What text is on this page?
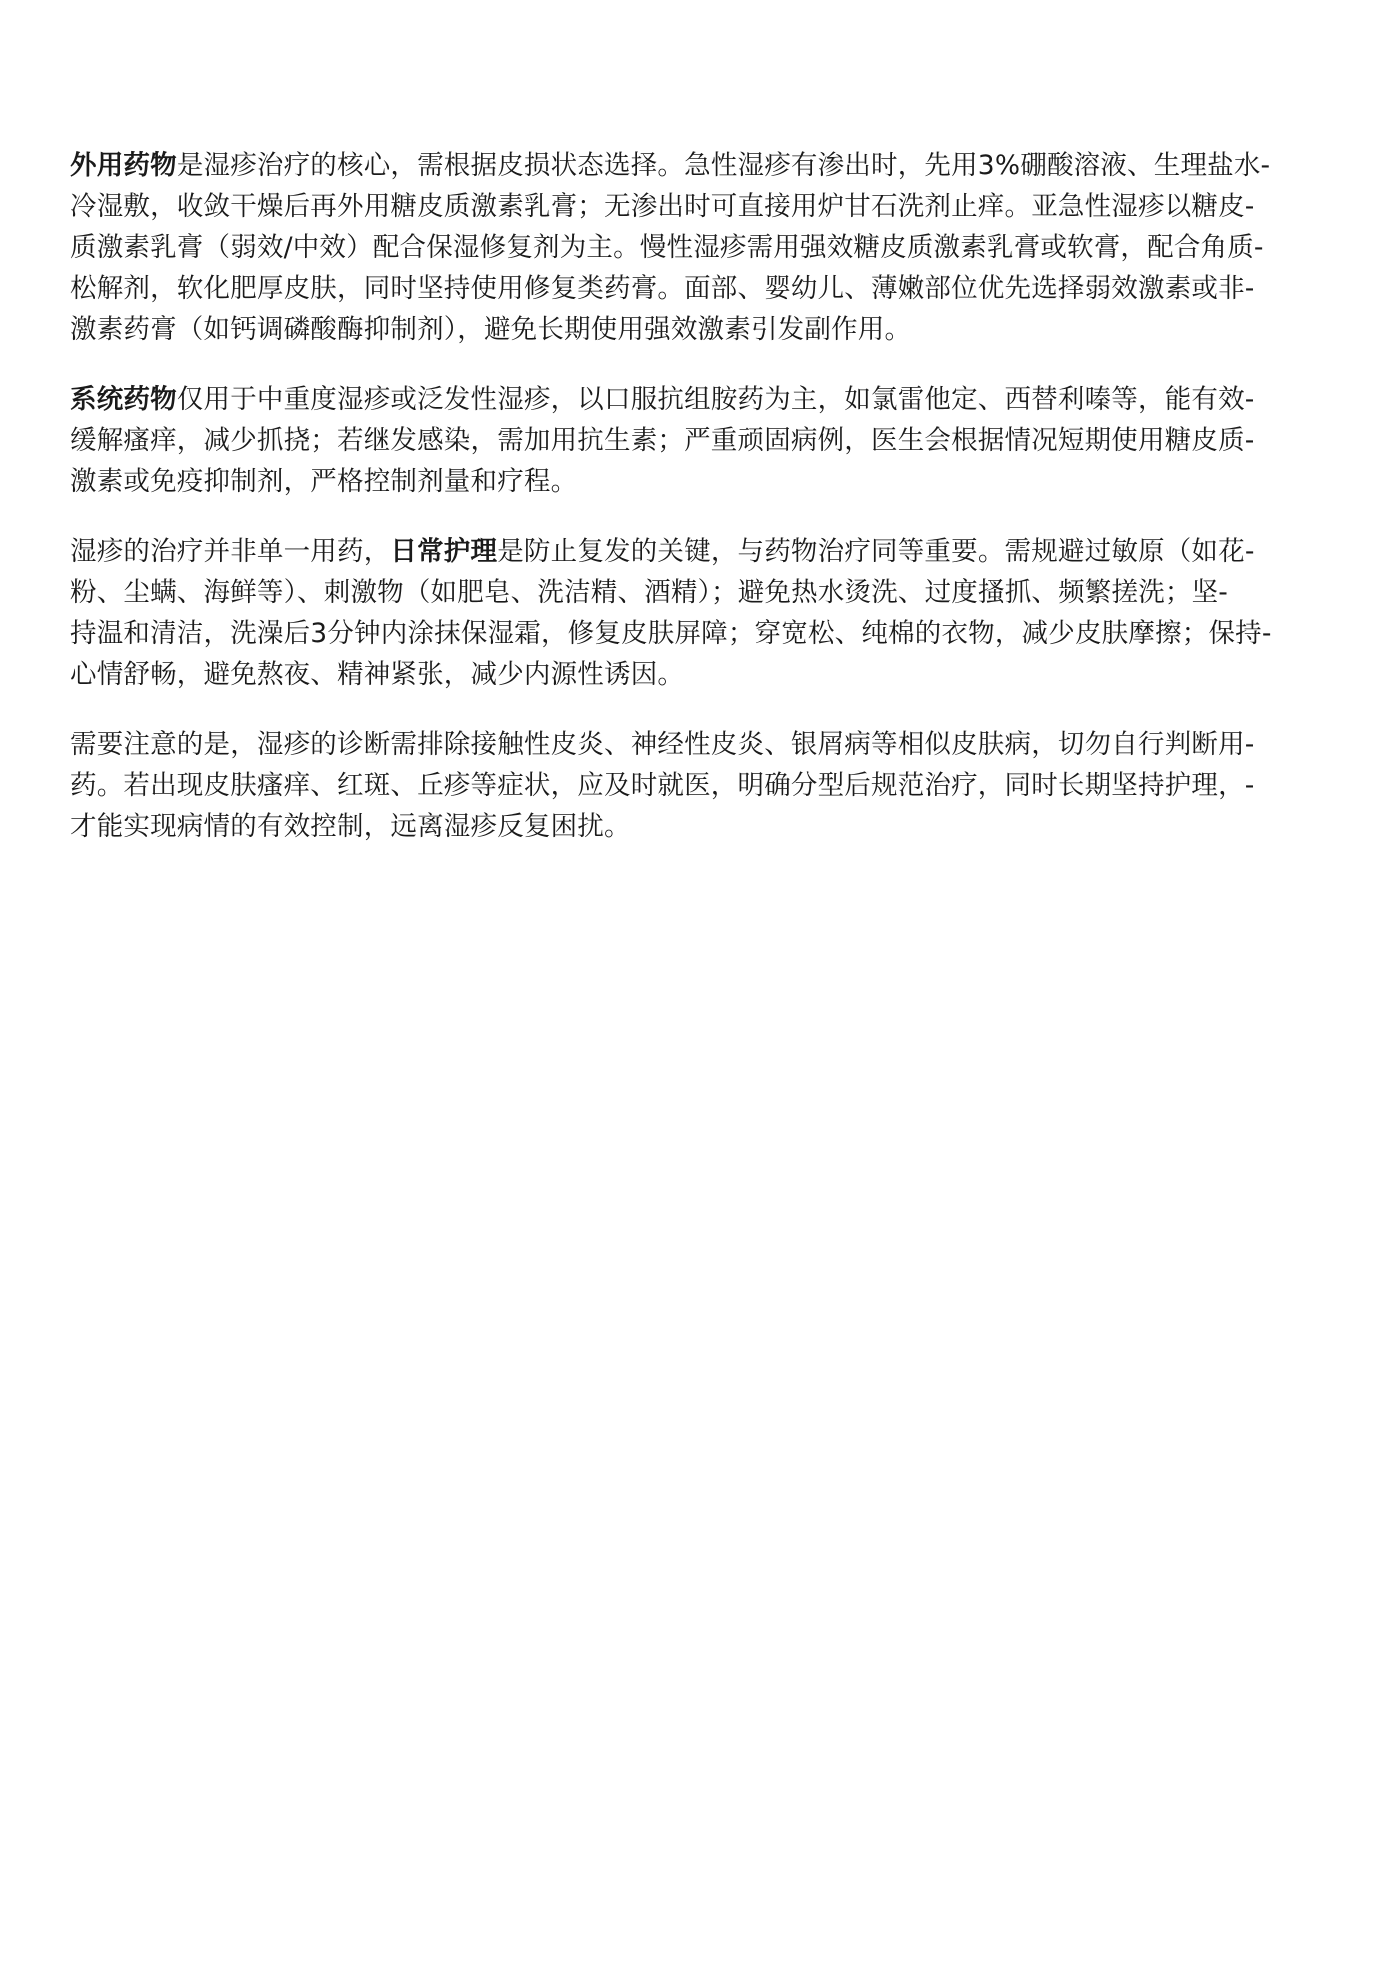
外用药物是湿疹治疗的核心，需根据皮损状态选择。急性湿疹有渗出时，先用3%硼酸溶液、生理盐水-
冷湿敷，收敛干燥后再外用糖皮质激素乳膏；无渗出时可直接用炉甘石洗剂止痒。亚急性湿疹以糖皮-
质激素乳膏（弱效/中效）配合保湿修复剂为主。慢性湿疹需用强效糖皮质激素乳膏或软膏，配合角质-
松解剂，软化肥厚皮肤，同时坚持使用修复类药膏。面部、婴幼儿、薄嫩部位优先选择弱效激素或非-
激素药膏（如钙调磷酸酶抑制剂），避免长期使用强效激素引发副作用。

系统药物仅用于中重度湿疹或泛发性湿疹，以口服抗组胺药为主，如氯雷他定、西替利嗪等，能有效-
缓解瘙痒，减少抓挠；若继发感染，需加用抗生素；严重顽固病例，医生会根据情况短期使用糖皮质-
激素或免疫抑制剂，严格控制剂量和疗程。

湿疹的治疗并非单一用药，日常护理是防止复发的关键，与药物治疗同等重要。需规避过敏原（如花-
粉、尘螨、海鲜等）、刺激物（如肥皂、洗洁精、酒精）；避免热水烫洗、过度搔抓、频繁搓洗；坚-
持温和清洁，洗澡后3分钟内涂抹保湿霜，修复皮肤屏障；穿宽松、纯棉的衣物，减少皮肤摩擦；保持-
心情舒畅，避免熬夜、精神紧张，减少内源性诱因。

需要注意的是，湿疹的诊断需排除接触性皮炎、神经性皮炎、银屑病等相似皮肤病，切勿自行判断用-
药。若出现皮肤瘙痒、红斑、丘疹等症状，应及时就医，明确分型后规范治疗，同时长期坚持护理，-
才能实现病情的有效控制，远离湿疹反复困扰。
